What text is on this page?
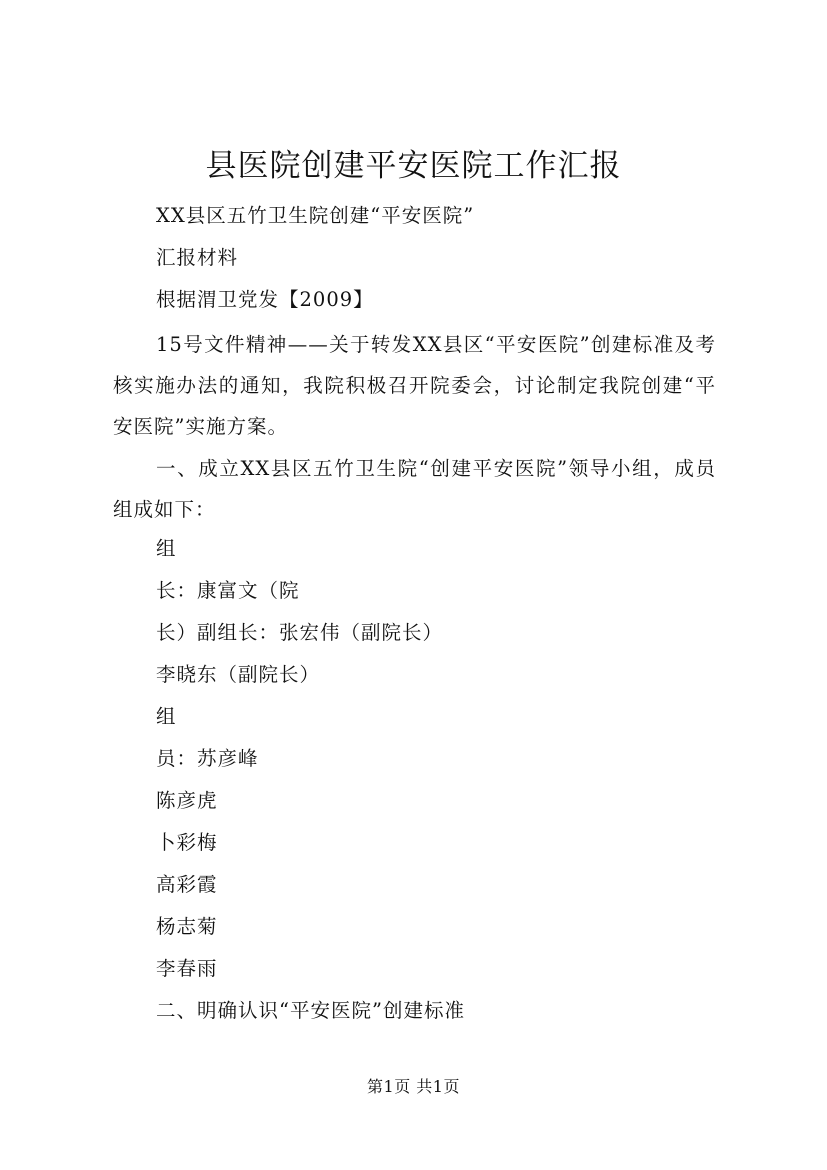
县医院创建平安医院工作汇报
XX县区五竹卫生院创建“平安医院”
汇报材料
根据渭卫党发【2009】

15号文件精神——关于转发XX县区“平安医院”创建标准及考核实施办法的通知，我院积极召开院委会，讨论制定我院创建“平安医院”实施方案。

一、成立XX县区五竹卫生院“创建平安医院”领导小组，成员组成如下：

组
长：康富文（院
长）副组长：张宏伟（副院长）
李晓东（副院长）
组
员：苏彦峰
陈彦虎
卜彩梅
高彩霞
杨志菊
李春雨
二、明确认识“平安医院”创建标准
第1页 共1页
